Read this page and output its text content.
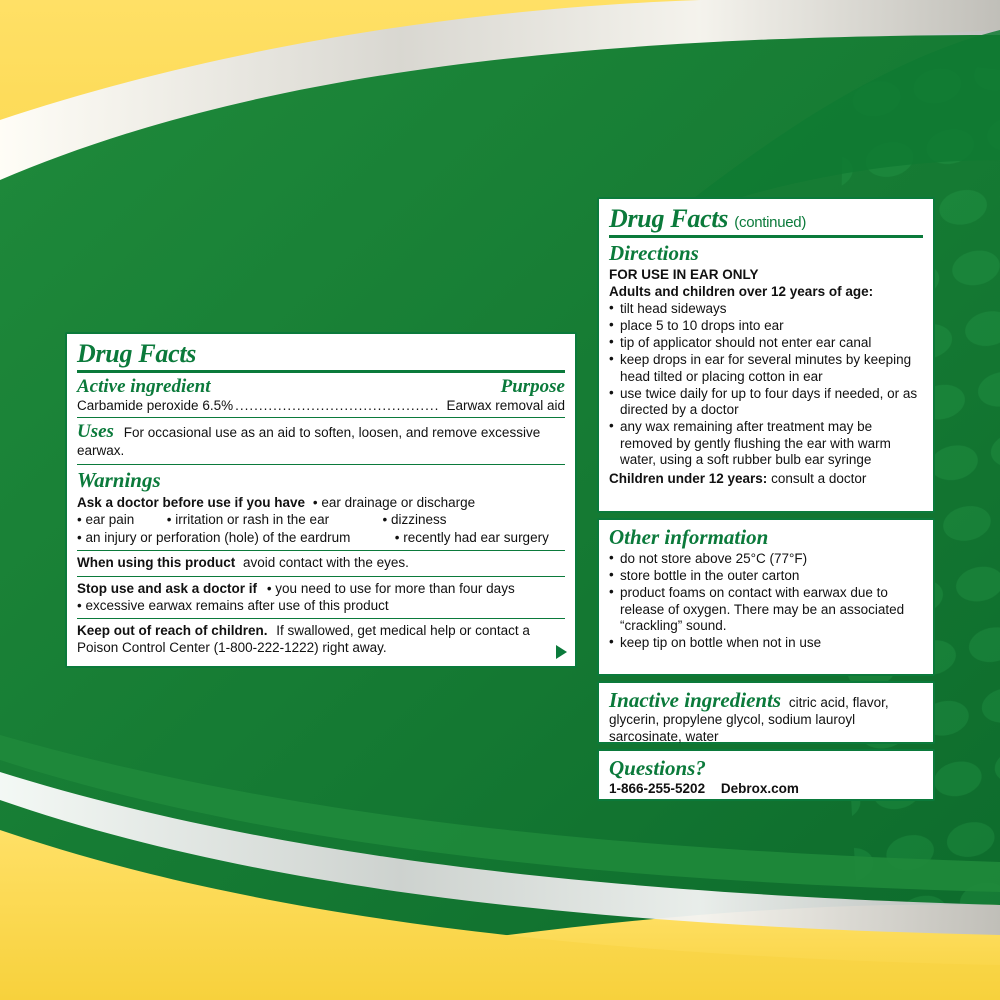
Drug Facts
Active ingredient	Purpose
Carbamide peroxide 6.5% ........................................... Earwax removal aid
Uses For occasional use as an aid to soften, loosen, and remove excessive earwax.
Warnings
Ask a doctor before use if you have • ear drainage or discharge
• ear pain • irritation or rash in the ear	• dizziness
• an injury or perforation (hole) of the eardrum	• recently had ear surgery
When using this product avoid contact with the eyes.
Stop use and ask a doctor if • you need to use for more than four days
• excessive earwax remains after use of this product
Keep out of reach of children. If swallowed, get medical help or contact a Poison Control Center (1-800-222-1222) right away.
Drug Facts (continued)
Directions
FOR USE IN EAR ONLY
Adults and children over 12 years of age:
• tilt head sideways
• place 5 to 10 drops into ear
• tip of applicator should not enter ear canal
• keep drops in ear for several minutes by keeping head tilted or placing cotton in ear
• use twice daily for up to four days if needed, or as directed by a doctor
• any wax remaining after treatment may be removed by gently flushing the ear with warm water, using a soft rubber bulb ear syringe
Children under 12 years: consult a doctor
Other information
• do not store above 25°C (77°F)
• store bottle in the outer carton
• product foams on contact with earwax due to release of oxygen. There may be an associated “crackling” sound.
• keep tip on bottle when not in use
Inactive ingredients citric acid, flavor, glycerin, propylene glycol, sodium lauroyl sarcosinate, water
Questions?
1-866-255-5202 Debrox.com
